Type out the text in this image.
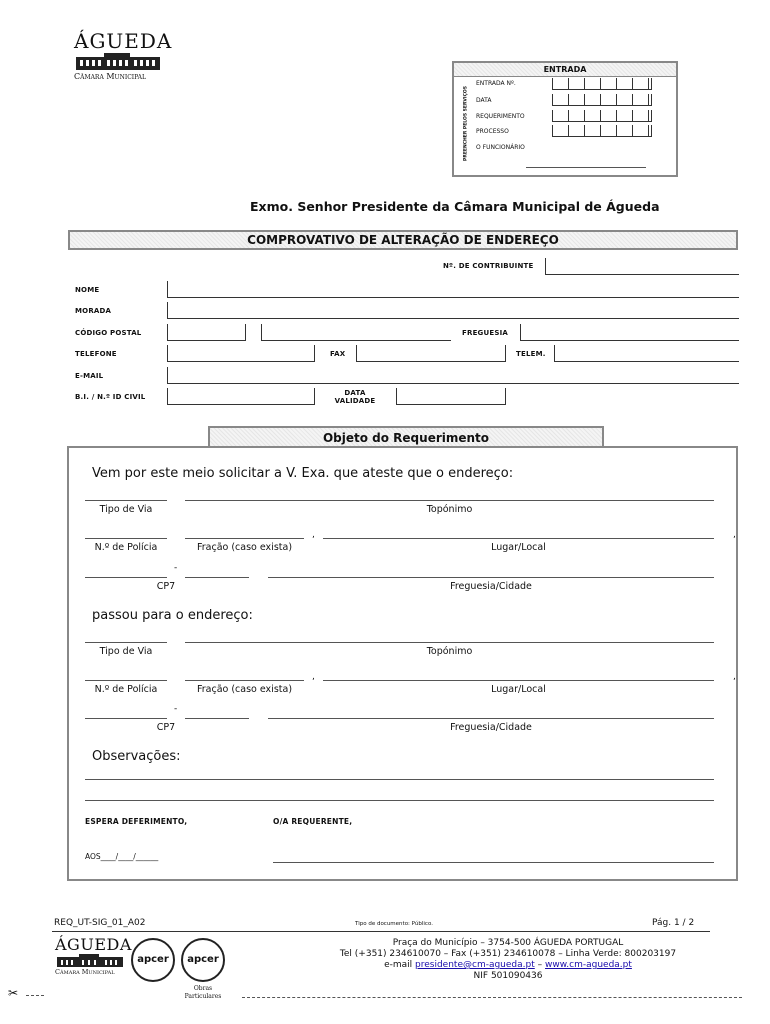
ÁGUEDA
Câmara Municipal
ENTRADA
PREENCHER PELOS SERVIÇOS
ENTRADA Nº.
DATA
REQUERIMENTO
PROCESSO
O FUNCIONÁRIO
Exmo. Senhor Presidente da Câmara Municipal de Águeda
COMPROVATIVO DE ALTERAÇÃO DE ENDEREÇO
Nº. DE CONTRIBUINTE
NOME
MORADA
CÓDIGO POSTAL	FREGUESIA
TELEFONE	FAX	TELEM.
E-MAIL
B.I. / N.º ID CIVIL	DATA VALIDADE
Objeto do Requerimento
Vem por este meio solicitar a V. Exa. que ateste que o endereço:
Tipo de Via	Topónimo
,	,
N.º de Polícia	Fração (caso exista)	Lugar/Local
-
CP7	Freguesia/Cidade
passou para o endereço:
Tipo de Via	Topónimo
,	,
N.º de Polícia	Fração (caso exista)	Lugar/Local
-
CP7	Freguesia/Cidade
Observações:
ESPERA DEFERIMENTO,	O/A REQUERENTE,
AOS____/____/______
REQ_UT-SIG_01_A02	Tipo de documento: Público.	Pág. 1 / 2
ÁGUEDA
Câmara Municipal
apcer	apcer
Obras Particulares
Praça do Município – 3754-500 ÁGUEDA PORTUGAL
Tel (+351) 234610070 – Fax (+351) 234610078 – Linha Verde: 800203197
e-mail presidente@cm-agueda.pt – www.cm-agueda.pt
NIF 501090436
✂
